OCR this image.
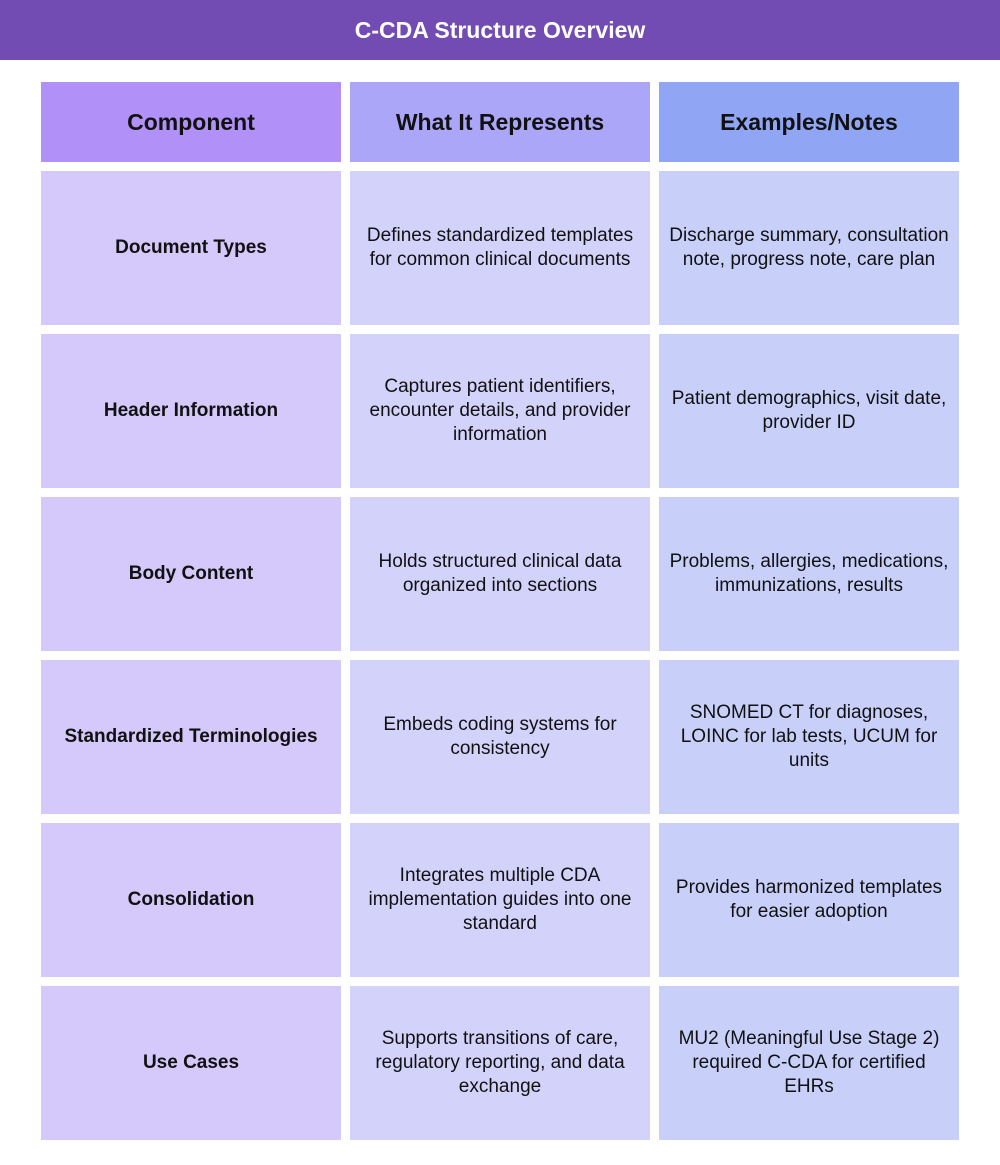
C-CDA Structure Overview
Component	What It Represents	Examples/Notes
Document Types
Defines standardized templates for common clinical documents
Discharge summary, consultation note, progress note, care plan
Header Information
Captures patient identifiers, encounter details, and provider information
Patient demographics, visit date, provider ID
Body Content
Holds structured clinical data organized into sections
Problems, allergies, medications, immunizations, results
Standardized Terminologies
Embeds coding systems for consistency
SNOMED CT for diagnoses, LOINC for lab tests, UCUM for units
Consolidation
Integrates multiple CDA implementation guides into one standard
Provides harmonized templates for easier adoption
Use Cases
Supports transitions of care, regulatory reporting, and data exchange
MU2 (Meaningful Use Stage 2) required C-CDA for certified EHRs
